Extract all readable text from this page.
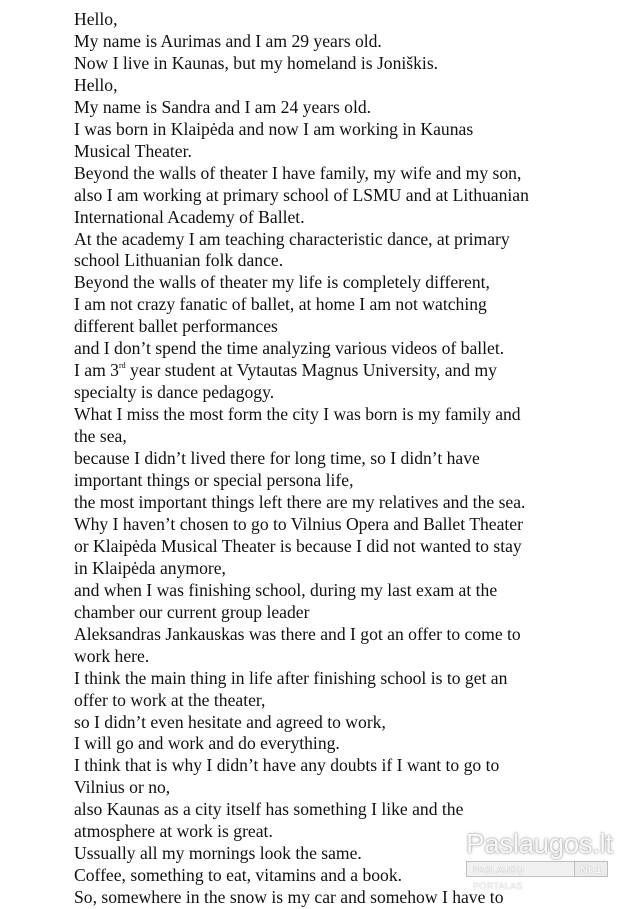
Hello,

My name is Aurimas and I am 29 years old.

Now I live in Kaunas, but my homeland is Joniškis.

Hello,

My name is Sandra and I am 24 years old.

I was born in Klaipėda and now I am working in Kaunas

Musical Theater.

Beyond the walls of theater I have family, my wife and my son,

also I am working at primary school of LSMU and at Lithuanian

International Academy of Ballet.

At the academy I am teaching characteristic dance, at primary

school Lithuanian folk dance.

Beyond the walls of theater my life is completely different,

I am not crazy fanatic of ballet, at home I am not watching

different ballet performances

and I don’t spend the time analyzing various videos of ballet.

I am 3rd year student at Vytautas Magnus University, and my

specialty is dance pedagogy.

What I miss the most form the city I was born is my family and

the sea,

because I didn’t lived there for long time, so I didn’t have

important things or special persona life,

the most important things left there are my relatives and the sea.

Why I haven’t chosen to go to Vilnius Opera and Ballet Theater

or Klaipėda Musical Theater is because I did not wanted to stay

in Klaipėda anymore,

and when I was finishing school, during my last exam at the

chamber our current group leader

Aleksandras Jankauskas was there and I got an offer to come to

work here.

I think the main thing in life after finishing school is to get an

offer to work at the theater,

so I didn’t even hesitate and agreed to work,

I will go and work and do everything.

I think that is why I didn’t have any doubts if I want to go to

Vilnius or no,

also Kaunas as a city itself has something I like and the

atmosphere at work is great.

Ussually all my mornings look the same.

Coffee, something to eat, vitamins and a book.

So, somewhere in the snow is my car and somehow I have to

Paslaugos.lt
PASLAUGŲ PORTALAS
Nr.1
